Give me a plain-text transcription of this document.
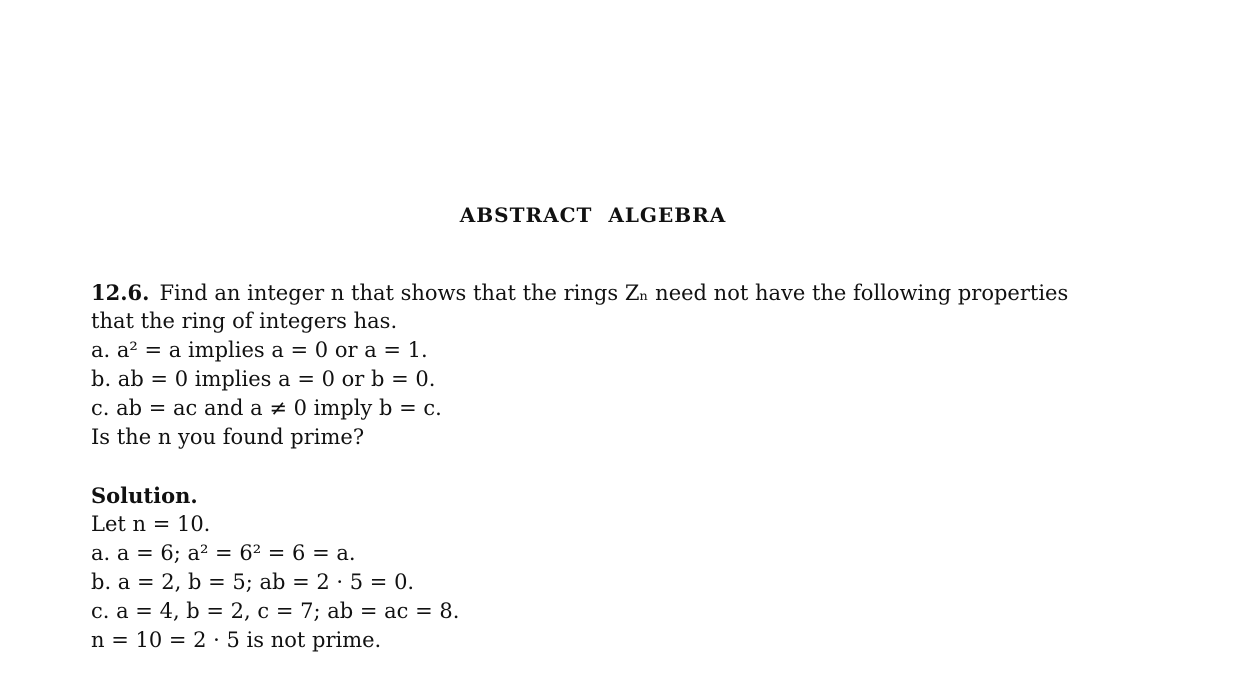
ABSTRACT  ALGEBRA
12.6. Find an integer n that shows that the rings Zₙ need not have the following properties
that the ring of integers has.
a. a² = a implies a = 0 or a = 1.
b. ab = 0 implies a = 0 or b = 0.
c. ab = ac and a ≠ 0 imply b = c.
Is the n you found prime?
Solution.
Let n = 10.
a. a = 6; a² = 6² = 6 = a.
b. a = 2, b = 5; ab = 2 · 5 = 0.
c. a = 4, b = 2, c = 7; ab = ac = 8.
n = 10 = 2 · 5 is not prime.
